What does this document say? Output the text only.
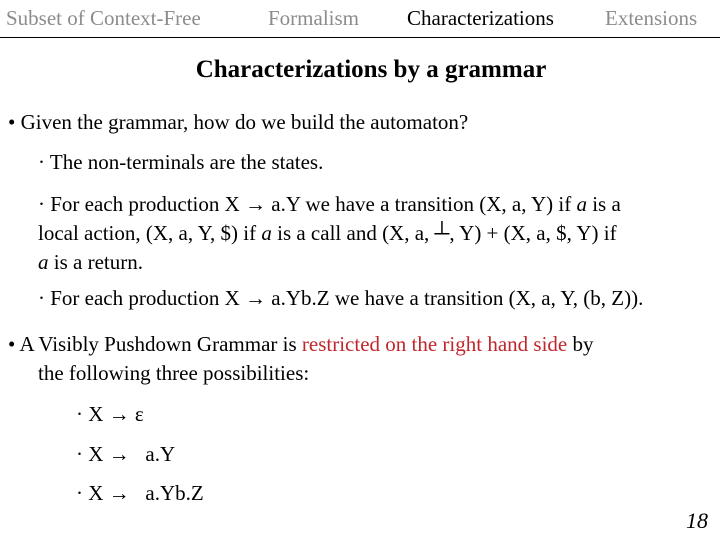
Subset of Context-Free	Formalism Characterizations Extensions
Characterizations by a grammar
• Given the grammar, how do we build the automaton?
· The non-terminals are the states.
· For each production X → a.Y we have a transition (X, a, Y) if a is a
local action, (X, a, Y, $) if a is a call and (X, a, ┴, Y) + (X, a, $, Y) if
a is a return.
· For each production X → a.Yb.Z we have a transition (X, a, Y, (b, Z)).
• A Visibly Pushdown Grammar is restricted on the right hand side by
the following three possibilities:
· X → ε
· X →   a.Y
· X →   a.Yb.Z
18
